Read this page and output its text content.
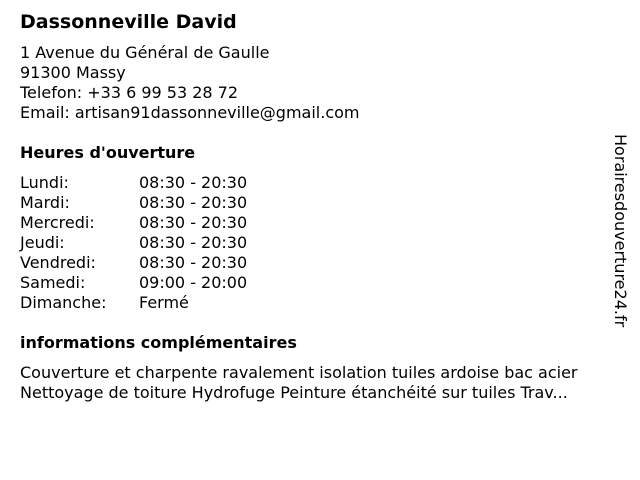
Dassonneville David
1 Avenue du Général de Gaulle
91300 Massy
Telefon: +33 6 99 53 28 72
Email: artisan91dassonneville@gmail.com
Heures d'ouverture
Lundi:	08:30 - 20:30
Mardi:	08:30 - 20:30
Mercredi:	08:30 - 20:30
Jeudi:	08:30 - 20:30
Vendredi:	08:30 - 20:30
Samedi:	09:00 - 20:00
Dimanche:	Fermé
informations complémentaires
Couverture et charpente ravalement isolation tuiles ardoise bac acier
Nettoyage de toiture Hydrofuge Peinture étanchéité sur tuiles Trav...
Horairesdouverture24.fr
